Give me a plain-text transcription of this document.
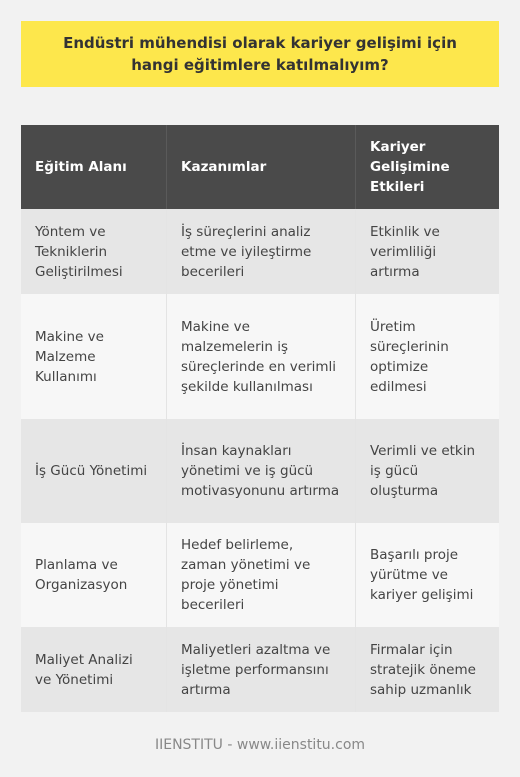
Endüstri mühendisi olarak kariyer gelişimi için hangi eğitimlere katılmalıyım?
Eğitim Alanı	Kazanımlar
Kariyer Gelişimine Etkileri
Yöntem ve Tekniklerin Geliştirilmesi
İş süreçlerini analiz etme ve iyileştirme becerileri
Etkinlik ve verimliliği artırma
Makine ve Malzeme Kullanımı
Makine ve malzemelerin iş süreçlerinde en verimli şekilde kullanılması
Üretim süreçlerinin optimize edilmesi
İş Gücü Yönetimi
İnsan kaynakları yönetimi ve iş gücü motivasyonunu artırma
Verimli ve etkin iş gücü oluşturma
Planlama ve Organizasyon
Hedef belirleme, zaman yönetimi ve proje yönetimi becerileri
Başarılı proje yürütme ve kariyer gelişimi
Maliyet Analizi ve Yönetimi
Maliyetleri azaltma ve işletme performansını artırma
Firmalar için stratejik öneme sahip uzmanlık
IIENSTITU - www.iienstitu.com
